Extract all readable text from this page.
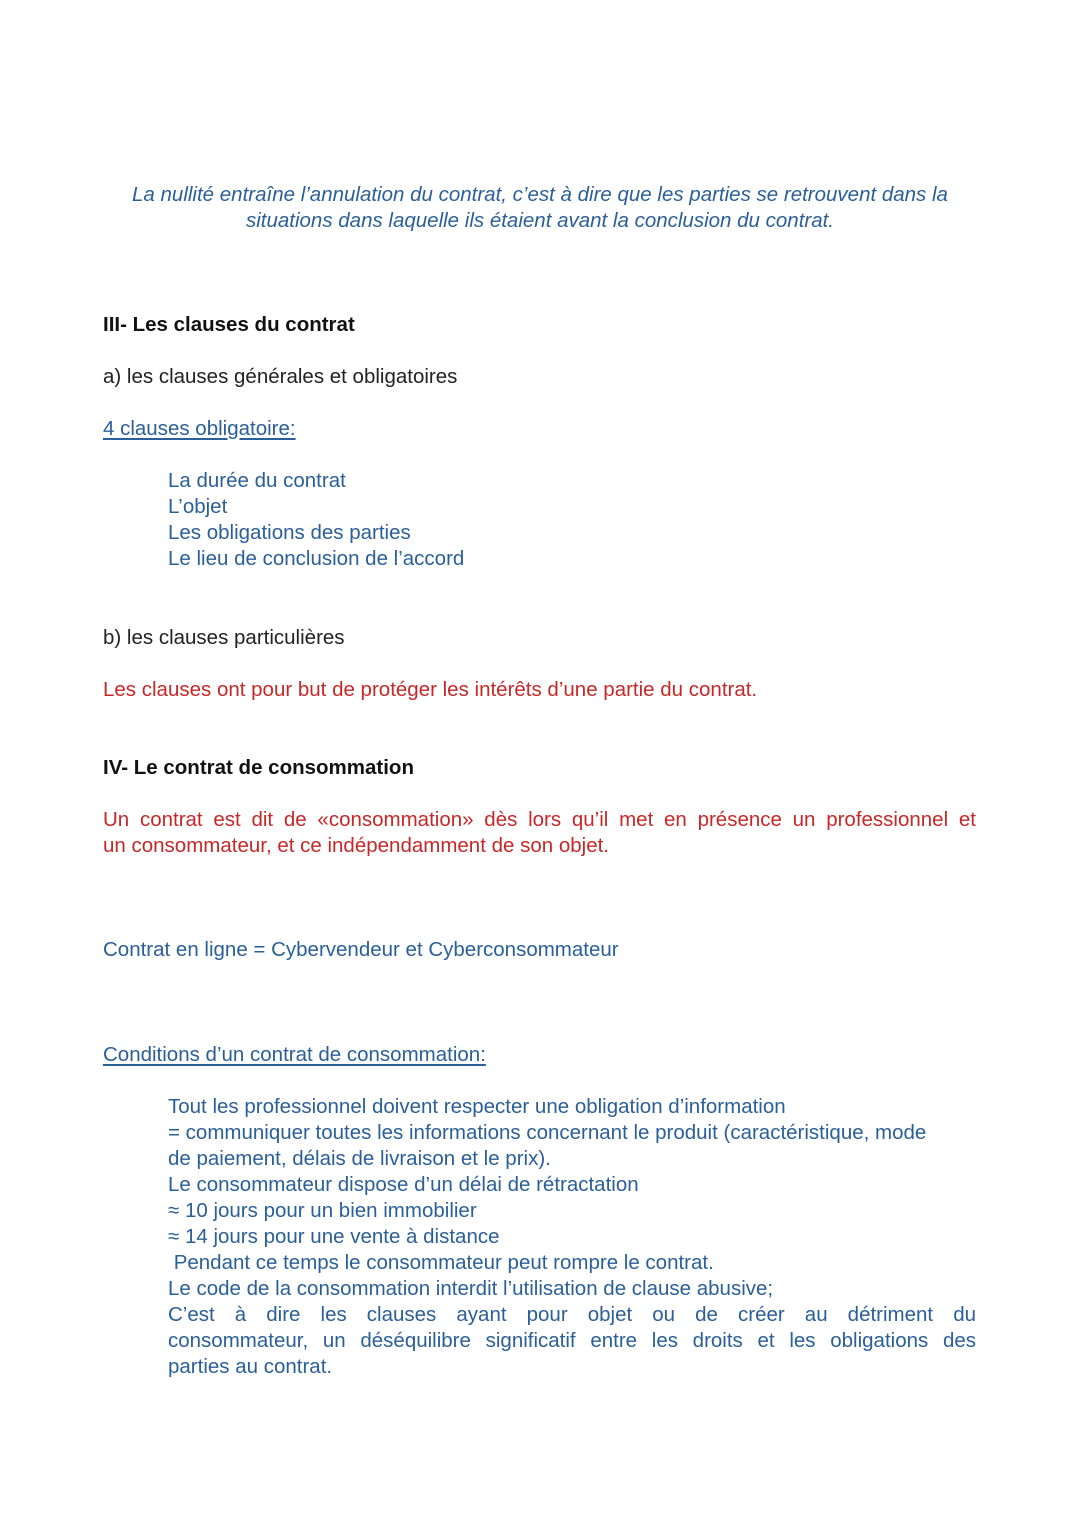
La nullité entraîne l’annulation du contrat, c’est à dire que les parties se retrouvent dans la
situations dans laquelle ils étaient avant la conclusion du contrat.

III- Les clauses du contrat

a) les clauses générales et obligatoires

4 clauses obligatoire:

La durée du contrat
L’objet
Les obligations des parties
Le lieu de conclusion de l’accord

b) les clauses particulières

Les clauses ont pour but de protéger les intérêts d’une partie du contrat.

IV- Le contrat de consommation

Un contrat est dit de «consommation» dès lors qu’il met en présence un professionnel et
un consommateur, et ce indépendamment de son objet.

Contrat en ligne = Cybervendeur et Cyberconsommateur

Conditions d’un contrat de consommation:

Tout les professionnel doivent respecter une obligation d’information
= communiquer toutes les informations concernant le produit (caractéristique, mode
de paiement, délais de livraison et le prix).
Le consommateur dispose d’un délai de rétractation
≈ 10 jours pour un bien immobilier
≈ 14 jours pour une vente à distance
Pendant ce temps le consommateur peut rompre le contrat.
Le code de la consommation interdit l’utilisation de clause abusive;
C’est à dire les clauses ayant pour objet ou de créer au détriment du
consommateur, un déséquilibre significatif entre les droits et les obligations des
parties au contrat.
